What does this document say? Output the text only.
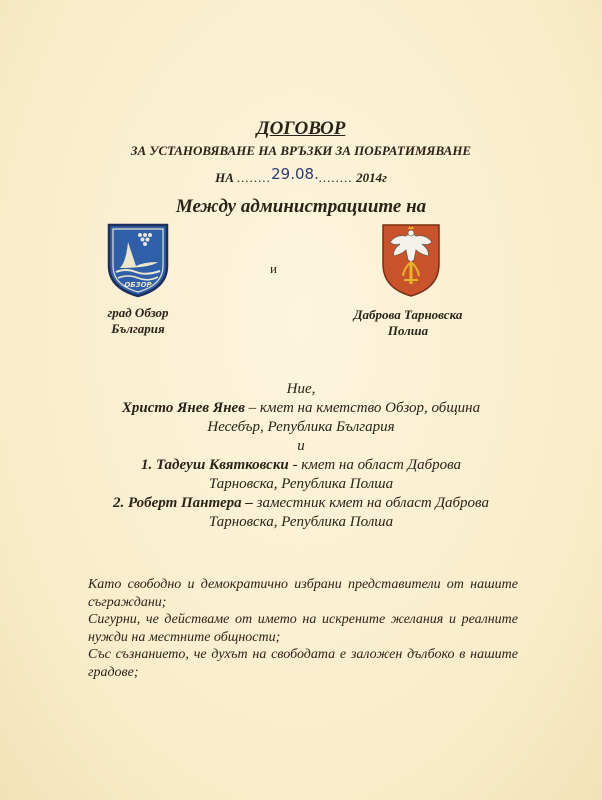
ДОГОВОР
ЗА УСТАНОВЯВАНЕ НА ВРЪЗКИ ЗА ПОБРАТИМЯВАНЕ
НА ........29.08......... 2014г
Между администрациите на
ОБЗОР
и
град Обзор
България
Даброва Тарновска
Полша
Ние,
Христо Янев Янев – кмет на кметство Обзор, община
Несебър, Република България
и
1. Тадеуш Квятковски - кмет на област Даброва
Тарновска, Република Полша
2. Роберт Пантера – заместник кмет на област Даброва
Тарновска, Република Полша

Като свободно и демократично избрани представители от нашите съграждани;

Сигурни, че действаме от името на искрените желания и реалните нужди на местните общности;

Със съзнанието, че духът на свободата е заложен дълбоко в нашите градове;
